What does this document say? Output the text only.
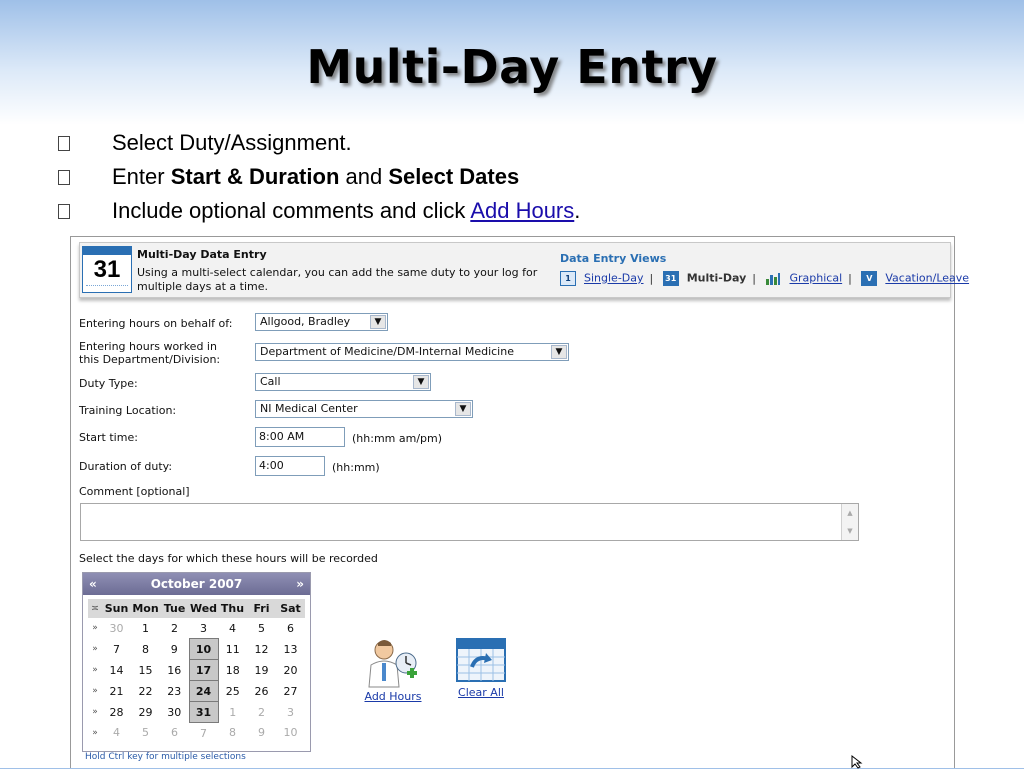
Multi-Day Entry
Select Duty/Assignment.
Enter Start & Duration and Select Dates
Include optional comments and click Add Hours.
31
Multi-Day Data Entry
Using a multi-select calendar, you can add the same duty to your log for multiple days at a time.
Data Entry Views
1 Single-Day | 31 Multi-Day |	Graphical | V Vacation/Leave
Entering hours on behalf of:	Allgood, Bradley	▼
Entering hours worked in this Department/Division:
Department of Medicine/DM-Internal Medicine	▼
Duty Type:	Call	▼
Training Location:	NI Medical Center	▼
Start time:	8:00 AM	(hh:mm am/pm)
Duration of duty:	4:00	(hh:mm)
Comment [optional]
▲
▼
Select the days for which these hours will be recorded
«	October 2007	»
≍	Sun	Mon	Tue	Wed	Thu	Fri	Sat
»	30	1	2	3	4	5	6
»	7	8	9	10	11	12	13
»	14	15	16	17	18	19	20
»	21	22	23	24	25	26	27
»	28	29	30	31	1	2	3
»	4	5	6	7	8	9	10
Hold Ctrl key for multiple selections

Add Hours	Clear All
